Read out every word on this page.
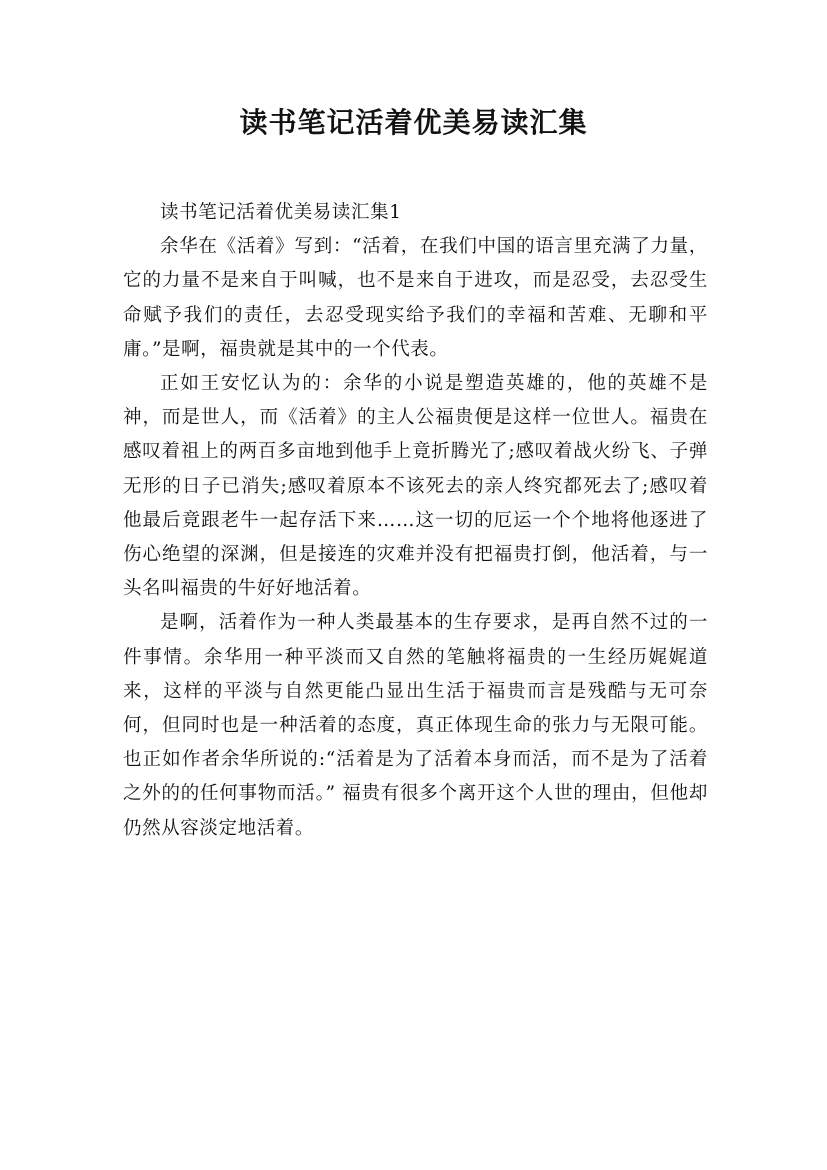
读书笔记活着优美易读汇集

读书笔记活着优美易读汇集1

余华在《活着》写到：“活着，在我们中国的语言里充满了力量，它的力量不是来自于叫喊，也不是来自于进攻，而是忍受，去忍受生命赋予我们的责任，去忍受现实给予我们的幸福和苦难、无聊和平庸。”是啊，福贵就是其中的一个代表。

正如王安忆认为的：余华的小说是塑造英雄的，他的英雄不是神，而是世人，而《活着》的主人公福贵便是这样一位世人。福贵在感叹着祖上的两百多亩地到他手上竟折腾光了;感叹着战火纷飞、子弹无形的日子已消失;感叹着原本不该死去的亲人终究都死去了;感叹着他最后竟跟老牛一起存活下来……这一切的厄运一个个地将他逐进了伤心绝望的深渊，但是接连的灾难并没有把福贵打倒，他活着，与一头名叫福贵的牛好好地活着。

是啊，活着作为一种人类最基本的生存要求，是再自然不过的一件事情。余华用一种平淡而又自然的笔触将福贵的一生经历娓娓道来，这样的平淡与自然更能凸显出生活于福贵而言是残酷与无可奈何，但同时也是一种活着的态度，真正体现生命的张力与无限可能。也正如作者余华所说的:“活着是为了活着本身而活，而不是为了活着之外的的任何事物而活。” 福贵有很多个离开这个人世的理由，但他却仍然从容淡定地活着。
